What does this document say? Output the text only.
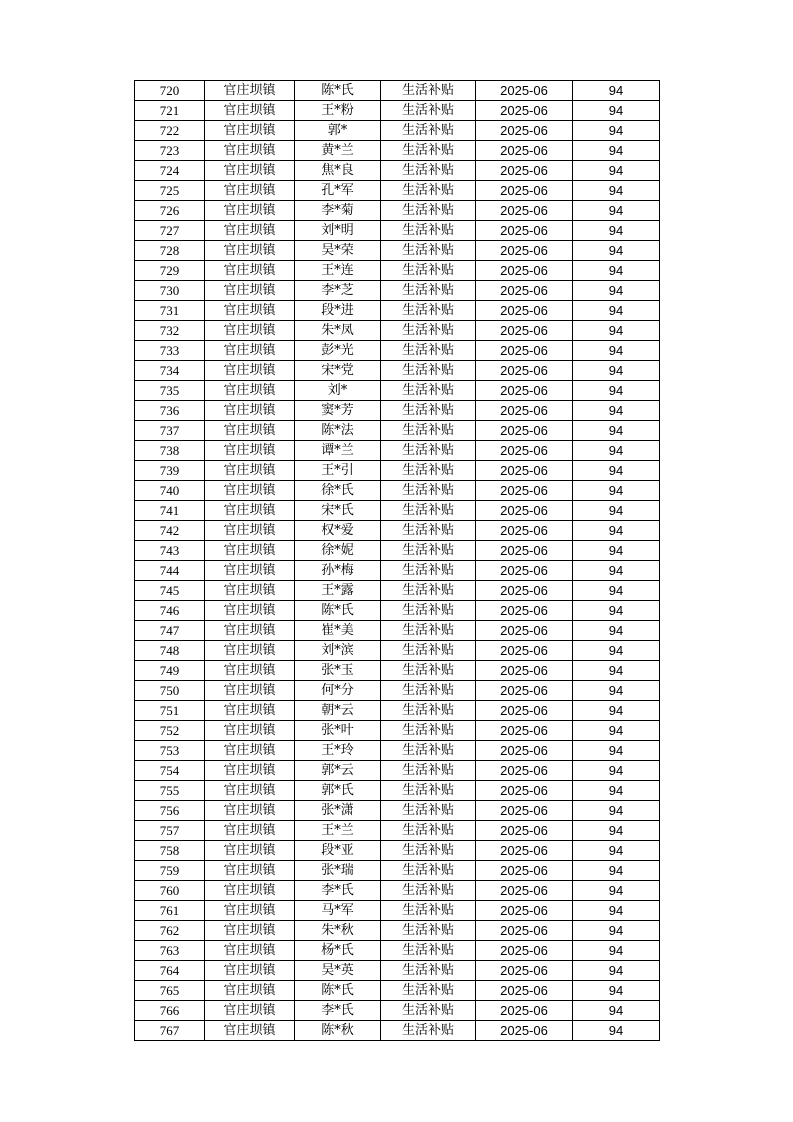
720	官庄坝镇	陈*氏	生活补贴	2025-06	94
721	官庄坝镇	王*粉	生活补贴	2025-06	94
722	官庄坝镇	郭*	生活补贴	2025-06	94
723	官庄坝镇	黄*兰	生活补贴	2025-06	94
724	官庄坝镇	焦*良	生活补贴	2025-06	94
725	官庄坝镇	孔*军	生活补贴	2025-06	94
726	官庄坝镇	李*菊	生活补贴	2025-06	94
727	官庄坝镇	刘*明	生活补贴	2025-06	94
728	官庄坝镇	吴*荣	生活补贴	2025-06	94
729	官庄坝镇	王*连	生活补贴	2025-06	94
730	官庄坝镇	李*芝	生活补贴	2025-06	94
731	官庄坝镇	段*进	生活补贴	2025-06	94
732	官庄坝镇	朱*凤	生活补贴	2025-06	94
733	官庄坝镇	彭*光	生活补贴	2025-06	94
734	官庄坝镇	宋*党	生活补贴	2025-06	94
735	官庄坝镇	刘*	生活补贴	2025-06	94
736	官庄坝镇	窦*芳	生活补贴	2025-06	94
737	官庄坝镇	陈*法	生活补贴	2025-06	94
738	官庄坝镇	谭*兰	生活补贴	2025-06	94
739	官庄坝镇	王*引	生活补贴	2025-06	94
740	官庄坝镇	徐*氏	生活补贴	2025-06	94
741	官庄坝镇	宋*氏	生活补贴	2025-06	94
742	官庄坝镇	权*爱	生活补贴	2025-06	94
743	官庄坝镇	徐*妮	生活补贴	2025-06	94
744	官庄坝镇	孙*梅	生活补贴	2025-06	94
745	官庄坝镇	王*露	生活补贴	2025-06	94
746	官庄坝镇	陈*氏	生活补贴	2025-06	94
747	官庄坝镇	崔*美	生活补贴	2025-06	94
748	官庄坝镇	刘*滨	生活补贴	2025-06	94
749	官庄坝镇	张*玉	生活补贴	2025-06	94
750	官庄坝镇	何*分	生活补贴	2025-06	94
751	官庄坝镇	朝*云	生活补贴	2025-06	94
752	官庄坝镇	张*叶	生活补贴	2025-06	94
753	官庄坝镇	王*玲	生活补贴	2025-06	94
754	官庄坝镇	郭*云	生活补贴	2025-06	94
755	官庄坝镇	郭*氏	生活补贴	2025-06	94
756	官庄坝镇	张*潇	生活补贴	2025-06	94
757	官庄坝镇	王*兰	生活补贴	2025-06	94
758	官庄坝镇	段*亚	生活补贴	2025-06	94
759	官庄坝镇	张*瑞	生活补贴	2025-06	94
760	官庄坝镇	李*氏	生活补贴	2025-06	94
761	官庄坝镇	马*军	生活补贴	2025-06	94
762	官庄坝镇	朱*秋	生活补贴	2025-06	94
763	官庄坝镇	杨*氏	生活补贴	2025-06	94
764	官庄坝镇	吴*英	生活补贴	2025-06	94
765	官庄坝镇	陈*氏	生活补贴	2025-06	94
766	官庄坝镇	李*氏	生活补贴	2025-06	94
767	官庄坝镇	陈*秋	生活补贴	2025-06	94
